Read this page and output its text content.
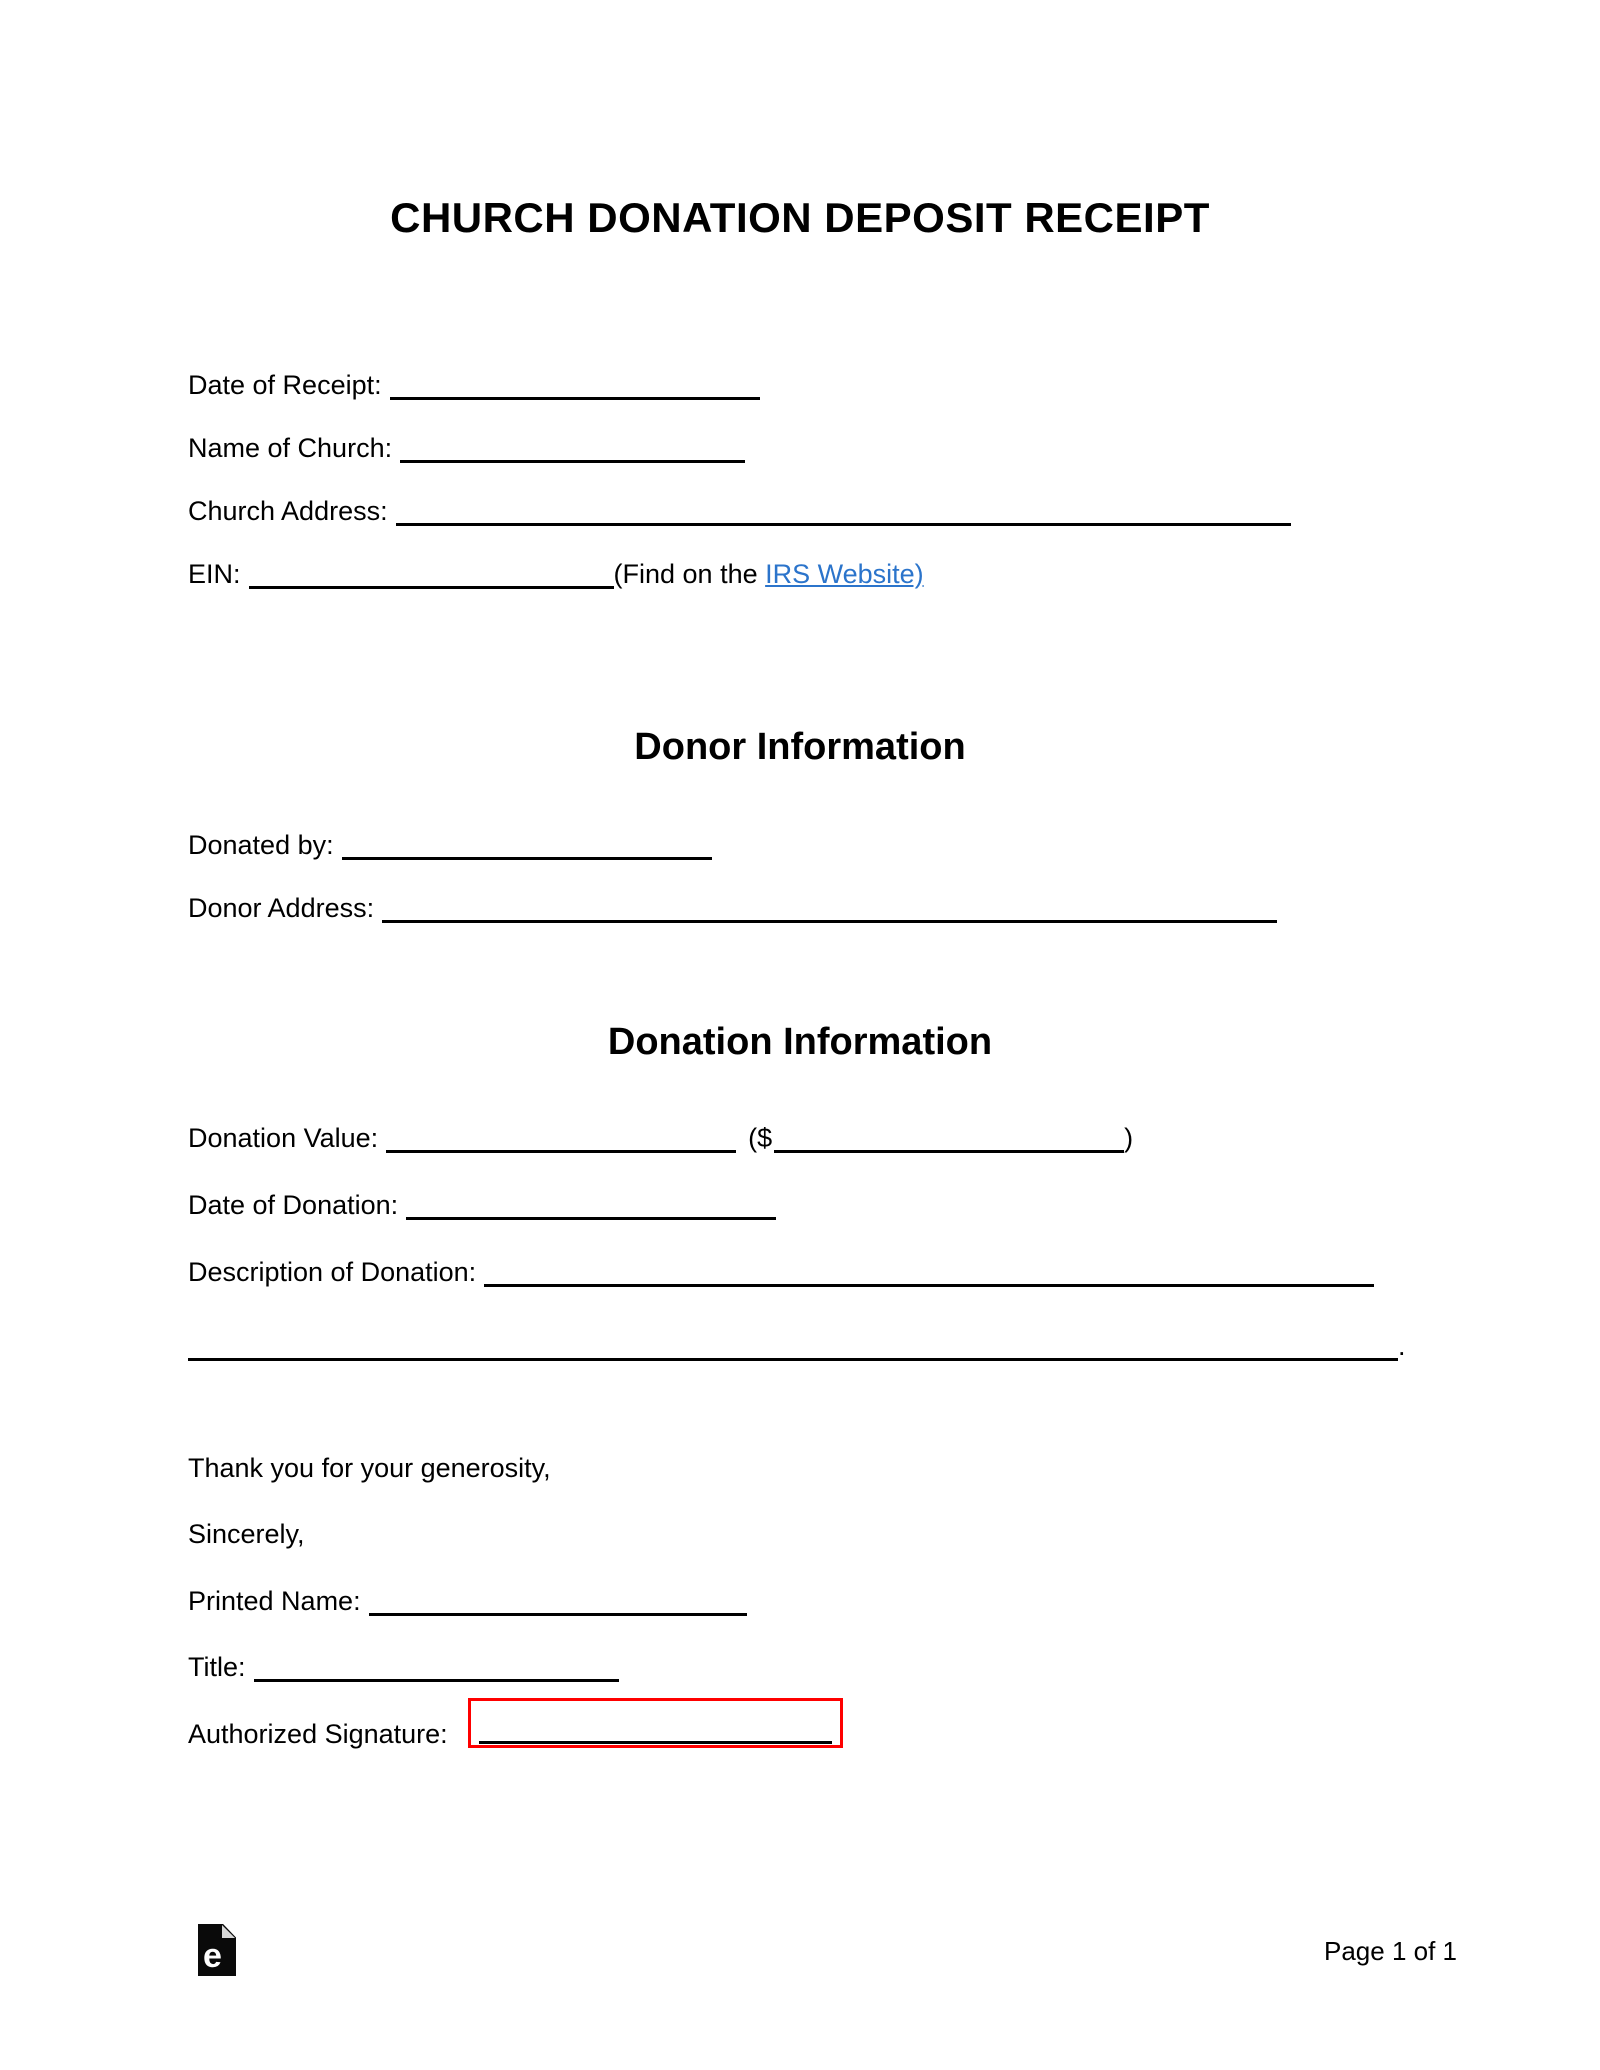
CHURCH DONATION DEPOSIT RECEIPT
Date of Receipt:
Name of Church:
Church Address:
EIN:	(Find on the IRS Website)
Donor Information
Donated by:
Donor Address:
Donation Information
Donation Value:	($	)
Date of Donation:
Description of Donation:
.
Thank you for your generosity,
Sincerely,
Printed Name:
Title:
Authorized Signature:
e	Page 1 of 1
